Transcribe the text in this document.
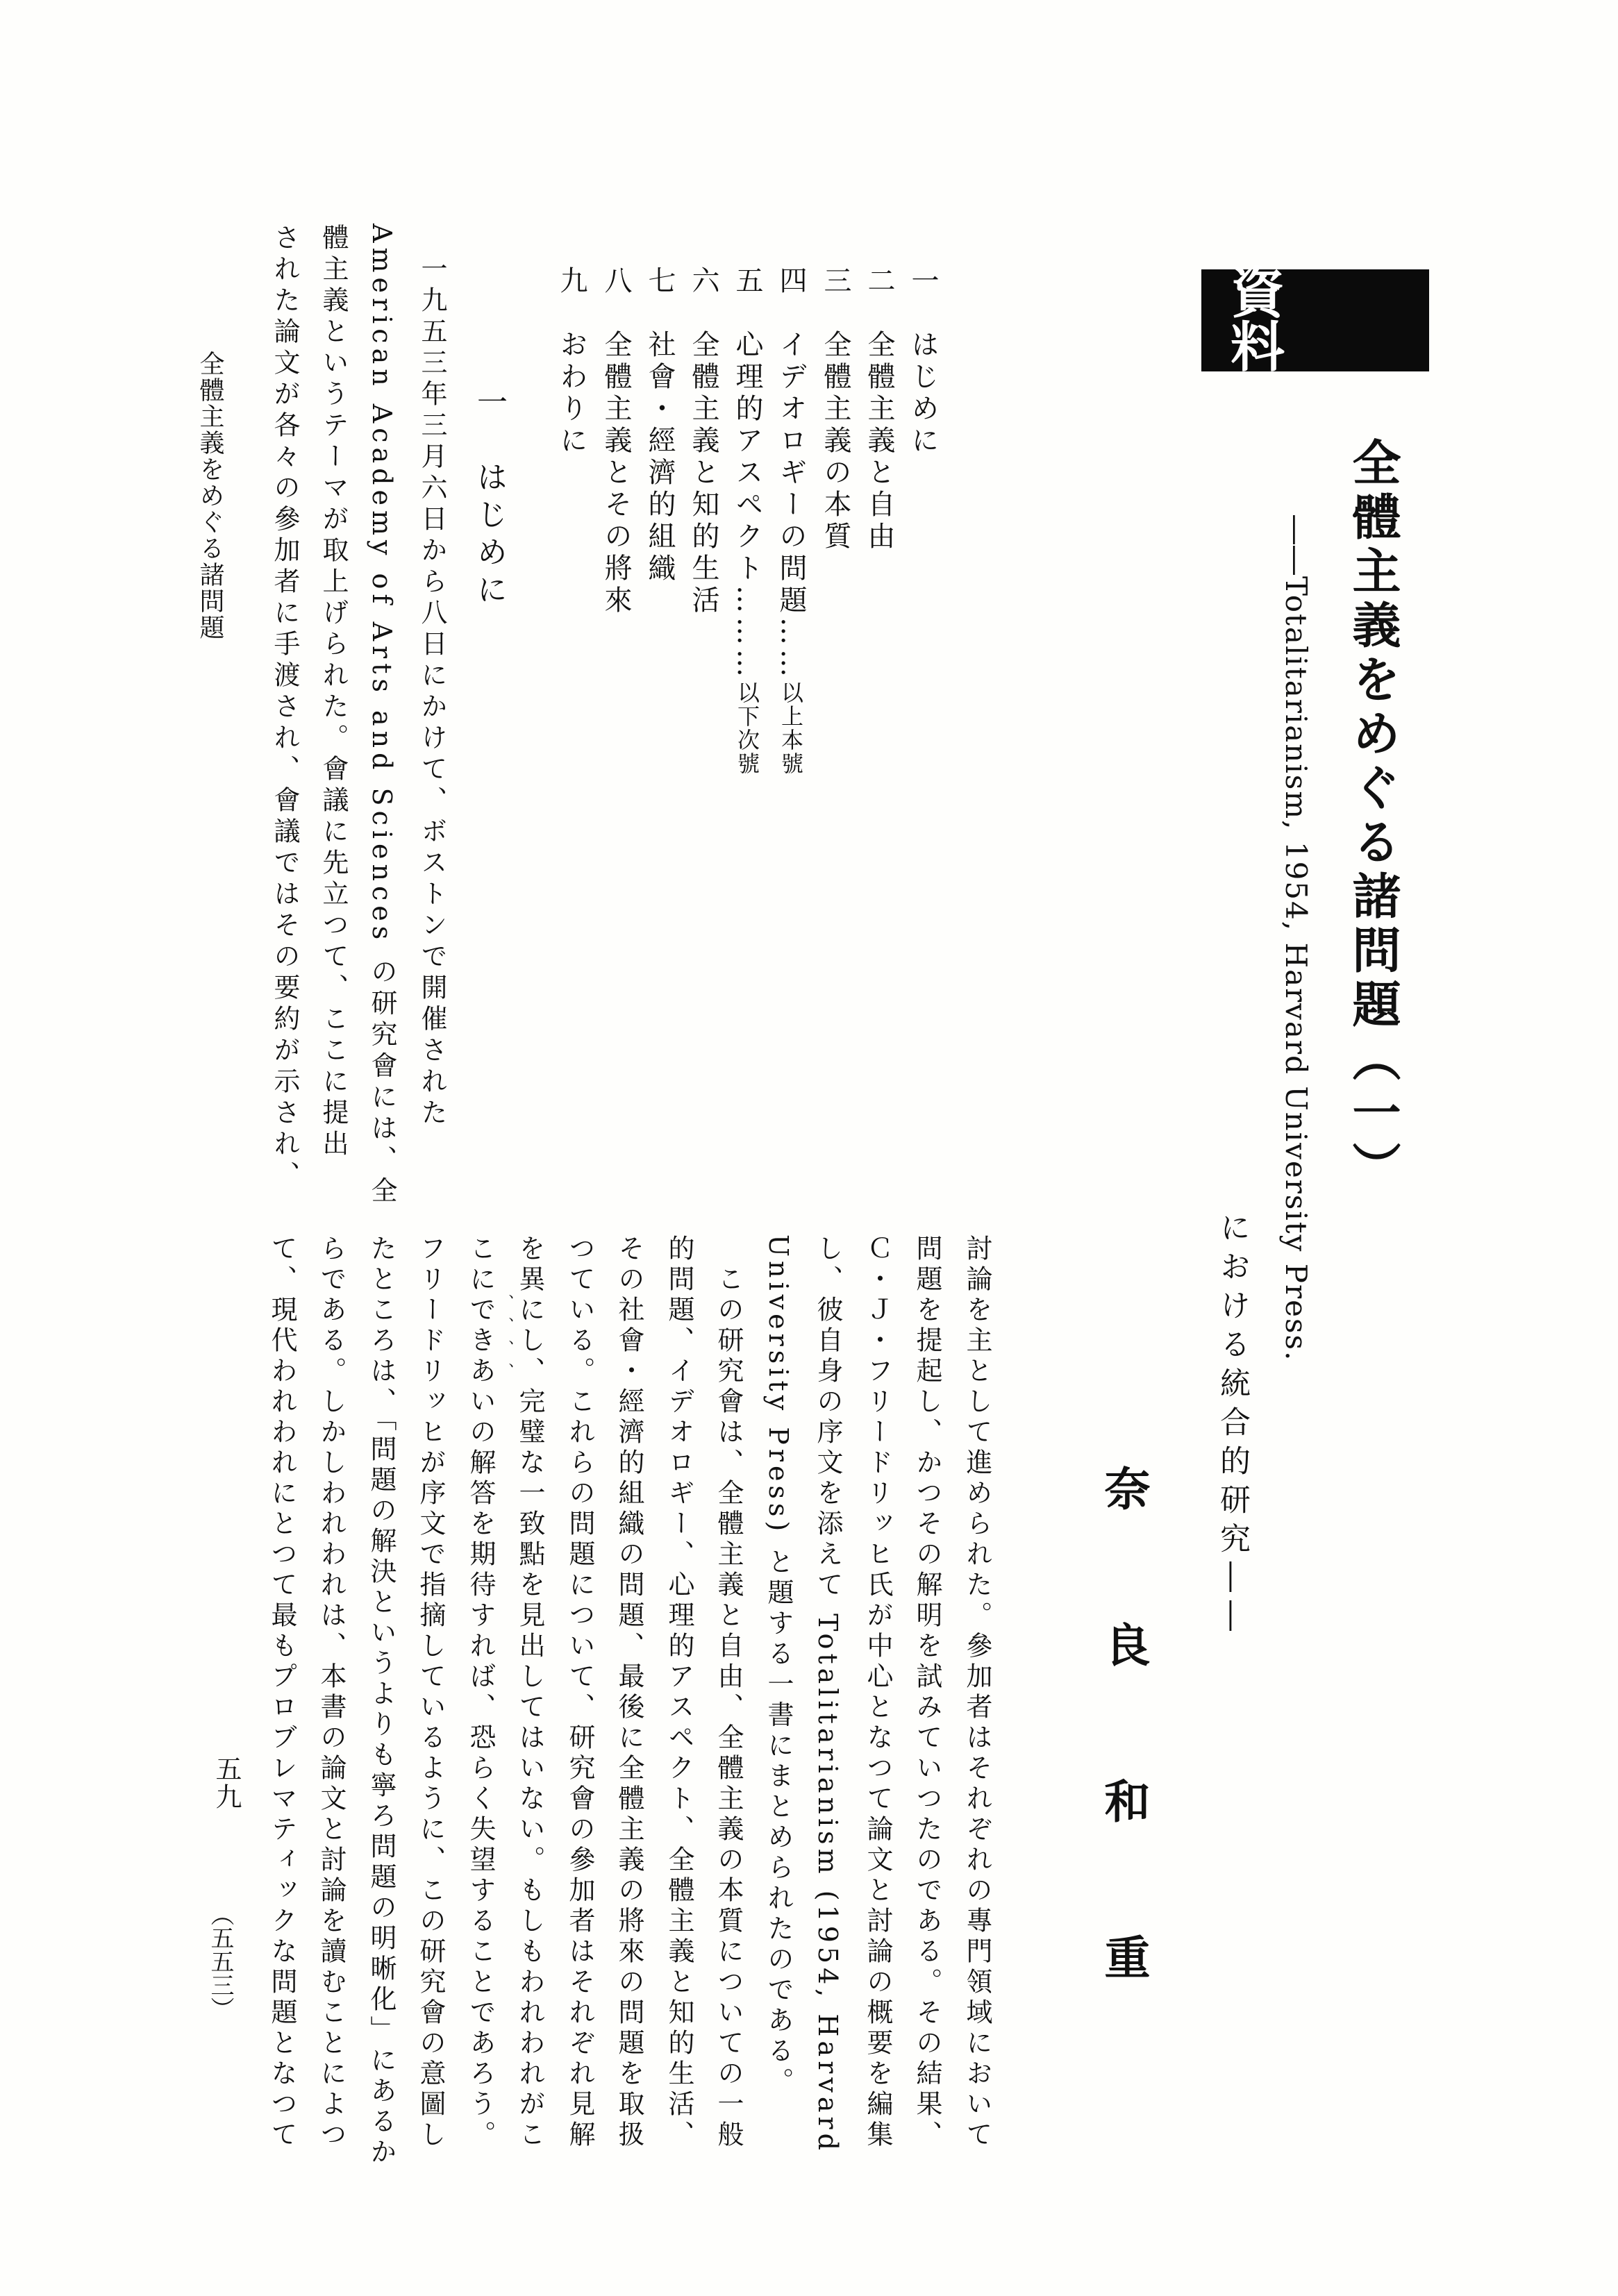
資料
全體主義をめぐる諸問題（一）
――Totalitarianism, 1954, Harvard University Press.
における統合的研究――
奈良和重
一　はじめに
二　全體主義と自由
三　全體主義の本質
四　イデオロギーの問題……以上本號
五　心理的アスペクト………以下次號
六　全體主義と知的生活
七　社會・經濟的組織
八　全體主義とその將來
九　おわりに
一　はじめに
　一九五三年三月六日から八日にかけて、ボストンで開催された
American Academy of Arts and Sciences の研究會には、全
體主義というテーマが取上げられた。會議に先立つて、ここに提出
された論文が各々の參加者に手渡され、會議ではその要約が示され、
討論を主として進められた。參加者はそれぞれの專門領域において
問題を提起し、かつその解明を試みていつたのである。その結果、
Ｃ・Ｊ・フリードリッヒ氏が中心となつて論文と討論の概要を編集
し、彼自身の序文を添えて Totalitarianism (1954, Harvard
University Press) と題する一書にまとめられたのである。
　この研究會は、全體主義と自由、全體主義の本質についての一般
的問題、イデオロギー、心理的アスペクト、全體主義と知的生活、
その社會・經濟的組織の問題、最後に全體主義の將來の問題を取扱
つている。これらの問題について、研究會の參加者はそれぞれ見解
を異にし、完璧な一致點を見出してはいない。もしもわれわれがこ
こにできあいの解答を期待すれば、恐らく失望することであろう。
フリードリッヒが序文で指摘しているように、この研究會の意圖し
たところは、「問題の解決というよりも寧ろ問題の明晰化」にあるか
らである。しかしわれわれは、本書の論文と討論を讀むことによつ
て、現代われわれにとつて最もプロブレマティックな問題となつて	、、、、
全體主義をめぐる諸問題
五九
（五五三）
